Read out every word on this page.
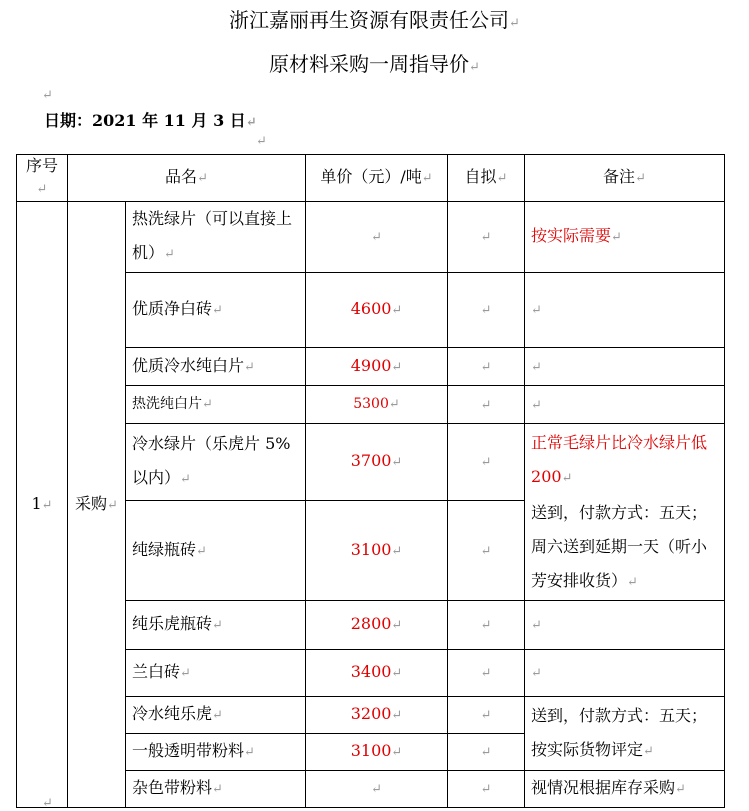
浙江嘉丽再生资源有限责任公司↵
原材料采购一周指导价↵
↵
日期：2021 年 11 月 3 日↵
↵
序号↵	品名↵		单价（元）/吨↵	自拟↵	备注↵
1↵	采购↵	热洗绿片（可以直接上机）↵	↵	↵	按实际需要↵
		优质净白砖↵	4600↵	↵	↵
		优质冷水纯白片↵	4900↵	↵	↵
		热洗纯白片↵	5300↵	↵	↵
		冷水绿片（乐虎片 5%以内）↵	3700↵	↵	正常毛绿片比冷水绿片低 200↵
送到，付款方式：五天；周六送到延期一天（听小芳安排收货）↵

		纯绿瓶砖↵	3100↵	↵	
		纯乐虎瓶砖↵	2800↵	↵	↵
		兰白砖↵	3400↵	↵	↵
		冷水纯乐虎↵	3200↵	↵	送到，付款方式：五天；按实际货物评定↵
		一般透明带粉料↵	3100↵	↵	
		杂色带粉料↵	↵	↵	视情况根据库存采购↵
↵
